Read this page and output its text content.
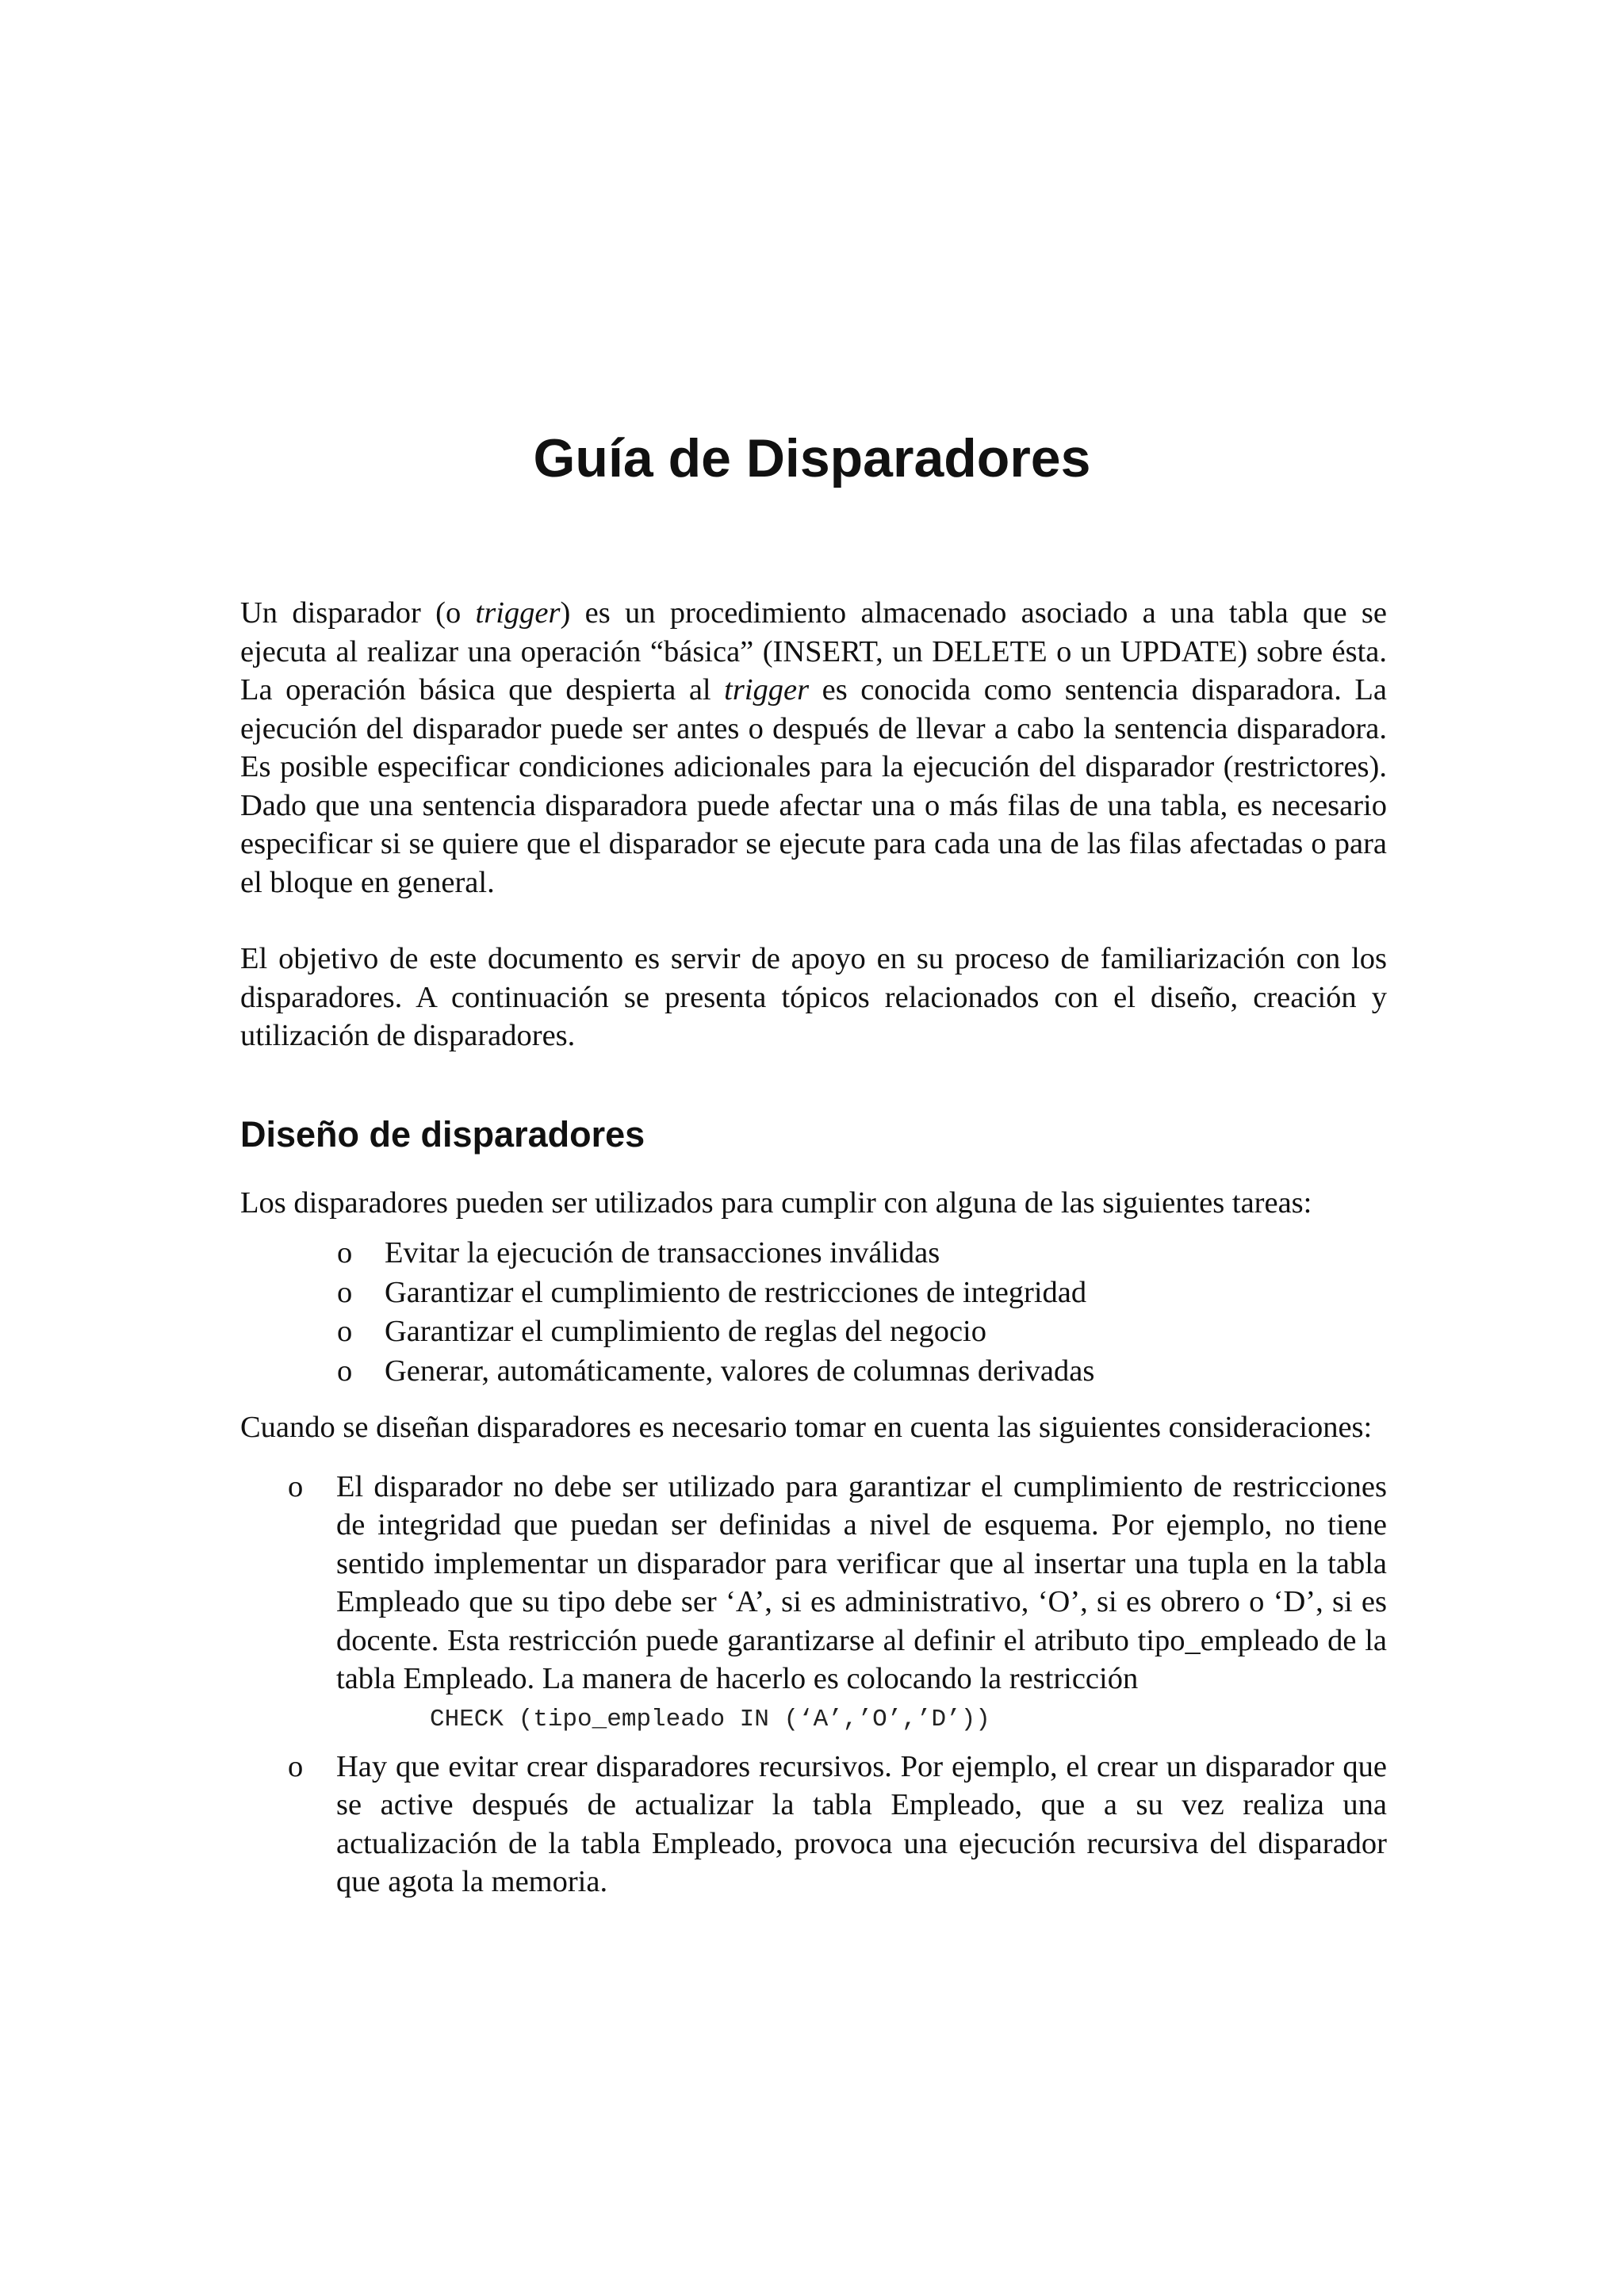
Guía de Disparadores

Un disparador (o trigger) es un procedimiento almacenado asociado a una tabla que se ejecuta al realizar una operación “básica” (INSERT, un DELETE o un UPDATE) sobre ésta. La operación básica que despierta al trigger es conocida como sentencia disparadora. La ejecución del disparador puede ser antes o después de llevar a cabo la sentencia disparadora. Es posible especificar condiciones adicionales para la ejecución del disparador (restrictores). Dado que una sentencia disparadora puede afectar una o más filas de una tabla, es necesario especificar si se quiere que el disparador se ejecute para cada una de las filas afectadas o para el bloque en general.

El objetivo de este documento es servir de apoyo en su proceso de familiarización con los disparadores. A continuación se presenta tópicos relacionados con el diseño, creación y utilización de disparadores.

Diseño de disparadores

Los disparadores pueden ser utilizados para cumplir con alguna de las siguientes tareas:

o Evitar la ejecución de transacciones inválidas
o Garantizar el cumplimiento de restricciones de integridad
o Garantizar el cumplimiento de reglas del negocio
o Generar, automáticamente, valores de columnas derivadas

Cuando se diseñan disparadores es necesario tomar en cuenta las siguientes consideraciones:

o El disparador no debe ser utilizado para garantizar el cumplimiento de restricciones de integridad que puedan ser definidas a nivel de esquema. Por ejemplo, no tiene sentido implementar un disparador para verificar que al insertar una tupla en la tabla Empleado que su tipo debe ser ‘A’, si es administrativo, ‘O’, si es obrero o ‘D’, si es docente. Esta restricción puede garantizarse al definir el atributo tipo_empleado de la tabla Empleado. La manera de hacerlo es colocando la restricción
CHECK (tipo_empleado IN (‘A’,’O’,’D’))
o Hay que evitar crear disparadores recursivos. Por ejemplo, el crear un disparador que se active después de actualizar la tabla Empleado, que a su vez realiza una actualización de la tabla Empleado, provoca una ejecución recursiva del disparador que agota la memoria.
